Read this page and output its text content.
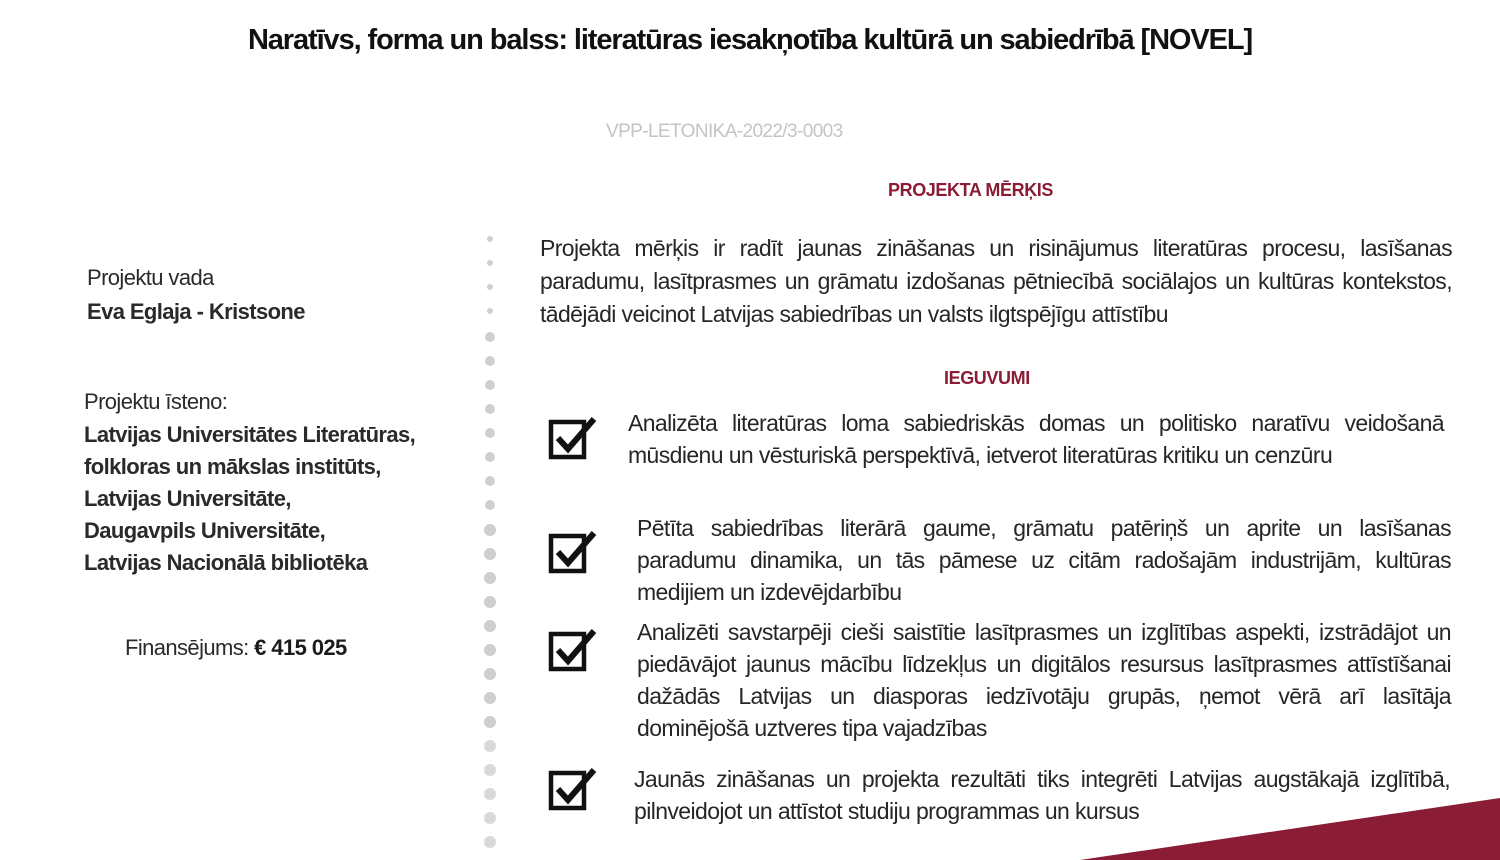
Naratīvs, forma un balss: literatūras iesakņotība kultūrā un sabiedrībā [NOVEL]
VPP-LETONIKA-2022/3-0003
Projektu vada
Eva Eglaja - Kristsone
Projektu īsteno:
Latvijas Universitātes Literatūras,
folkloras un mākslas institūts,
Latvijas Universitāte,
Daugavpils Universitāte,
Latvijas Nacionālā bibliotēka
Finansējums: € 415 025
PROJEKTA MĒRĶIS
Projekta mērķis ir radīt jaunas zināšanas un risinājumus literatūras procesu, lasīšanas paradumu, lasītprasmes un grāmatu izdošanas pētniecībā sociālajos un kultūras kontekstos, tādējādi veicinot Latvijas sabiedrības un valsts ilgtspējīgu attīstību
IEGUVUMI
Analizēta literatūras loma sabiedriskās domas un politisko naratīvu veidošanā mūsdienu un vēsturiskā perspektīvā, ietverot literatūras kritiku un cenzūru
Pētīta sabiedrības literārā gaume, grāmatu patēriņš un aprite un lasīšanas paradumu dinamika, un tās pāmese uz citām radošajām industrijām, kultūras medijiem un izdevējdarbību
Analizēti savstarpēji cieši saistītie lasītprasmes un izglītības aspekti, izstrādājot un piedāvājot jaunus mācību līdzekļus un digitālos resursus lasītprasmes attīstīšanai dažādās Latvijas un diasporas iedzīvotāju grupās, ņemot vērā arī lasītāja dominējošā uztveres tipa vajadzības
Jaunās zināšanas un projekta rezultāti tiks integrēti Latvijas augstākajā izglītībā, pilnveidojot un attīstot studiju programmas un kursus
